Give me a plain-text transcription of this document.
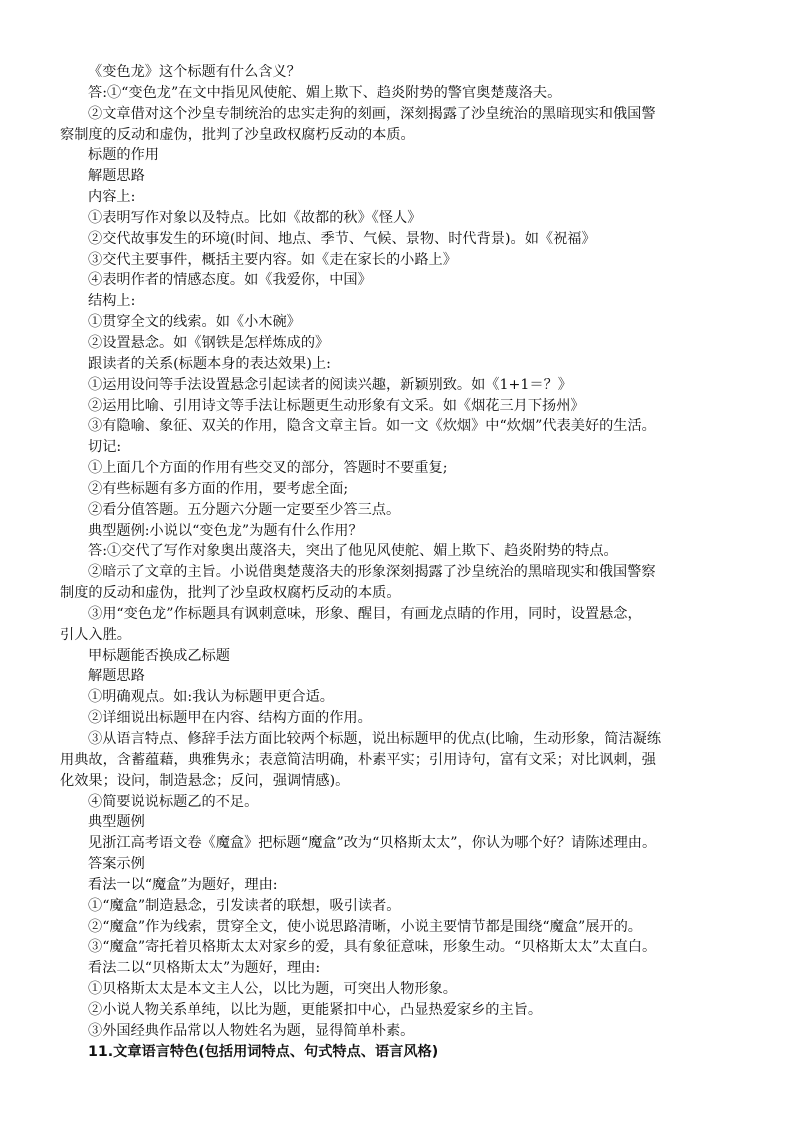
《变色龙》这个标题有什么含义？
答:①“变色龙”在文中指见风使舵、媚上欺下、趋炎附势的警官奥楚蔑洛夫。
②文章借对这个沙皇专制统治的忠实走狗的刻画，深刻揭露了沙皇统治的黑暗现实和俄国警
察制度的反动和虚伪，批判了沙皇政权腐朽反动的本质。
标题的作用
解题思路
内容上:
①表明写作对象以及特点。比如《故都的秋》《怪人》
②交代故事发生的环境(时间、地点、季节、气候、景物、时代背景)。如《祝福》
③交代主要事件，概括主要内容。如《走在家长的小路上》
④表明作者的情感态度。如《我爱你，中国》
结构上:
①贯穿全文的线索。如《小木碗》
②设置悬念。如《钢铁是怎样炼成的》
跟读者的关系(标题本身的表达效果)上:
①运用设问等手法设置悬念引起读者的阅读兴趣，新颖别致。如《1+1＝？》
②运用比喻、引用诗文等手法让标题更生动形象有文采。如《烟花三月下扬州》
③有隐喻、象征、双关的作用，隐含文章主旨。如一文《炊烟》中“炊烟”代表美好的生活。
切记:
①上面几个方面的作用有些交叉的部分，答题时不要重复;
②有些标题有多方面的作用，要考虑全面;
②看分值答题。五分题六分题一定要至少答三点。
典型题例:小说以“变色龙”为题有什么作用？
答:①交代了写作对象奥出蔑洛夫，突出了他见风使舵、媚上欺下、趋炎附势的特点。
②暗示了文章的主旨。小说借奥楚蔑洛夫的形象深刻揭露了沙皇统治的黑暗现实和俄国警察
制度的反动和虚伪，批判了沙皇政权腐朽反动的本质。
③用“变色龙”作标题具有讽刺意味，形象、醒目，有画龙点睛的作用，同时，设置悬念，
引人入胜。
甲标题能否换成乙标题
解题思路
①明确观点。如:我认为标题甲更合适。
②详细说出标题甲在内容、结构方面的作用。
③从语言特点、修辞手法方面比较两个标题，说出标题甲的优点(比喻，生动形象，简洁凝练
用典故，含蓄蕴藉，典雅隽永；表意简洁明确，朴素平实；引用诗句，富有文采；对比讽刺，强
化效果；设问，制造悬念；反问，强调情感)。
④简要说说标题乙的不足。
典型题例
见浙江高考语文卷《魔盒》把标题“魔盒”改为“贝格斯太太”，你认为哪个好？请陈述理由。
答案示例
看法一以“魔盒”为题好，理由:
①“魔盒”制造悬念，引发读者的联想，吸引读者。
②“魔盒”作为线索，贯穿全文，使小说思路清晰，小说主要情节都是围绕“魔盒”展开的。
③“魔盒”寄托着贝格斯太太对家乡的爱，具有象征意味，形象生动。“贝格斯太太”太直白。
看法二以“贝格斯太太”为题好，理由:
①贝格斯太太是本文主人公，以比为题，可突出人物形象。
②小说人物关系单纯，以比为题，更能紧扣中心，凸显热爱家乡的主旨。
③外国经典作品常以人物姓名为题，显得简单朴素。
11.文章语言特色(包括用词特点、句式特点、语言风格)
